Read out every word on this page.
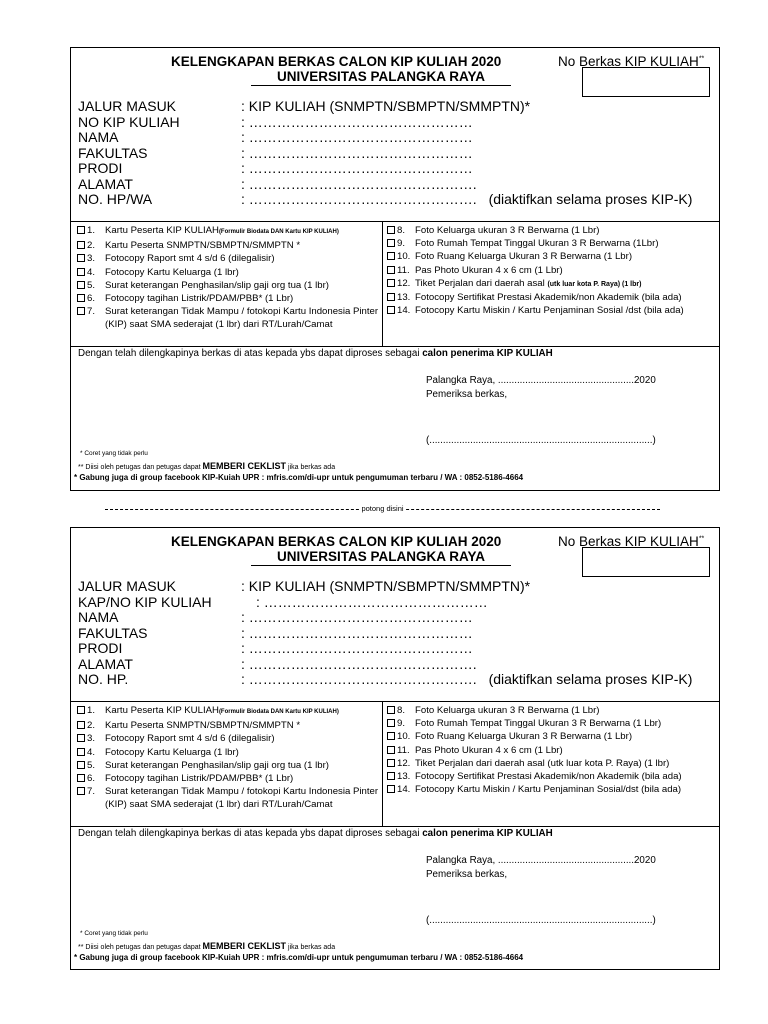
KELENGKAPAN BERKAS CALON KIP KULIAH 2020
UNIVERSITAS PALANGKA RAYA
No Berkas KIP KULIAH**
JALUR MASUK	: KIP KULIAH (SNMPTN/SBMPTN/SMMPTN)*
NO KIP KULIAH	: …………………………………………
NAMA	: …………………………………………
FAKULTAS	: …………………………………………
PRODI	: …………………………………………
ALAMAT	: ………………………………………….
NO. HP/WA	: …………………………………………. (diaktifkan selama proses KIP-K)
1. Kartu Peserta KIP KULIAH(Formulir Biodata DAN Kartu KIP KULIAH)
2. Kartu Peserta SNMPTN/SBMPTN/SMMPTN *
3. Fotocopy Raport smt 4 s/d 6 (dilegalisir)
4. Fotocopy Kartu Keluarga (1 lbr)
5. Surat keterangan Penghasilan/slip gaji org tua (1 lbr)
6. Fotocopy tagihan Listrik/PDAM/PBB* (1 Lbr)
7. Surat keterangan Tidak Mampu / fotokopi Kartu Indonesia Pinter (KIP) saat SMA sederajat (1 lbr) dari RT/Lurah/Camat
8. Foto Keluarga ukuran 3 R Berwarna (1 Lbr)
9. Foto Rumah Tempat Tinggal Ukuran 3 R Berwarna (1Lbr)
10. Foto Ruang Keluarga Ukuran 3 R Berwarna (1 Lbr)
11. Pas Photo Ukuran 4 x 6 cm (1 Lbr)
12. Tiket Perjalan dari daerah asal (utk luar kota P. Raya) (1 lbr)
13. Fotocopy Sertifikat Prestasi Akademik/non Akademik (bila ada)
14. Fotocopy Kartu Miskin / Kartu Penjaminan Sosial /dst (bila ada)
Dengan telah dilengkapinya berkas di atas kepada ybs dapat diproses sebagai calon penerima KIP KULIAH
Palangka Raya, ..................................................2020
Pemeriksa berkas,
(..................................................................................)
* Coret yang tidak perlu
** Diisi oleh petugas dan petugas dapat MEMBERI CEKLIST jika berkas ada
* Gabung juga di group facebook KIP-Kuiah UPR : mfris.com/di-upr untuk pengumuman terbaru / WA : 0852-5186-4664
potong disini
KELENGKAPAN BERKAS CALON KIP KULIAH 2020
UNIVERSITAS PALANGKA RAYA
No Berkas KIP KULIAH**
JALUR MASUK	: KIP KULIAH (SNMPTN/SBMPTN/SMMPTN)*
KAP/NO KIP KULIAH	: …………………………………………
NAMA	: …………………………………………
FAKULTAS	: …………………………………………
PRODI	: …………………………………………
ALAMAT	: ………………………………………….
NO. HP.	: …………………………………………. (diaktifkan selama proses KIP-K)
1. Kartu Peserta KIP KULIAH(Formulir Biodata DAN Kartu KIP KULIAH)
2. Kartu Peserta SNMPTN/SBMPTN/SMMPTN *
3. Fotocopy Raport smt 4 s/d 6 (dilegalisir)
4. Fotocopy Kartu Keluarga (1 lbr)
5. Surat keterangan Penghasilan/slip gaji org tua (1 lbr)
6. Fotocopy tagihan Listrik/PDAM/PBB* (1 Lbr)
7. Surat keterangan Tidak Mampu / fotokopi Kartu Indonesia Pinter (KIP) saat SMA sederajat (1 lbr) dari RT/Lurah/Camat
8. Foto Keluarga ukuran 3 R Berwarna (1 Lbr)
9. Foto Rumah Tempat Tinggal Ukuran 3 R Berwarna (1 Lbr)
10. Foto Ruang Keluarga Ukuran 3 R Berwarna (1 Lbr)
11. Pas Photo Ukuran 4 x 6 cm (1 Lbr)
12. Tiket Perjalan dari daerah asal (utk luar kota P. Raya) (1 lbr)
13. Fotocopy Sertifikat Prestasi Akademik/non Akademik (bila ada)
14. Fotocopy Kartu Miskin / Kartu Penjaminan Sosial/dst (bila ada)
Dengan telah dilengkapinya berkas di atas kepada ybs dapat diproses sebagai calon penerima KIP KULIAH
Palangka Raya, ..................................................2020
Pemeriksa berkas,
(..................................................................................)
* Coret yang tidak perlu
** Diisi oleh petugas dan petugas dapat MEMBERI CEKLIST jika berkas ada
* Gabung juga di group facebook KIP-Kuiah UPR : mfris.com/di-upr untuk pengumuman terbaru / WA : 0852-5186-4664
